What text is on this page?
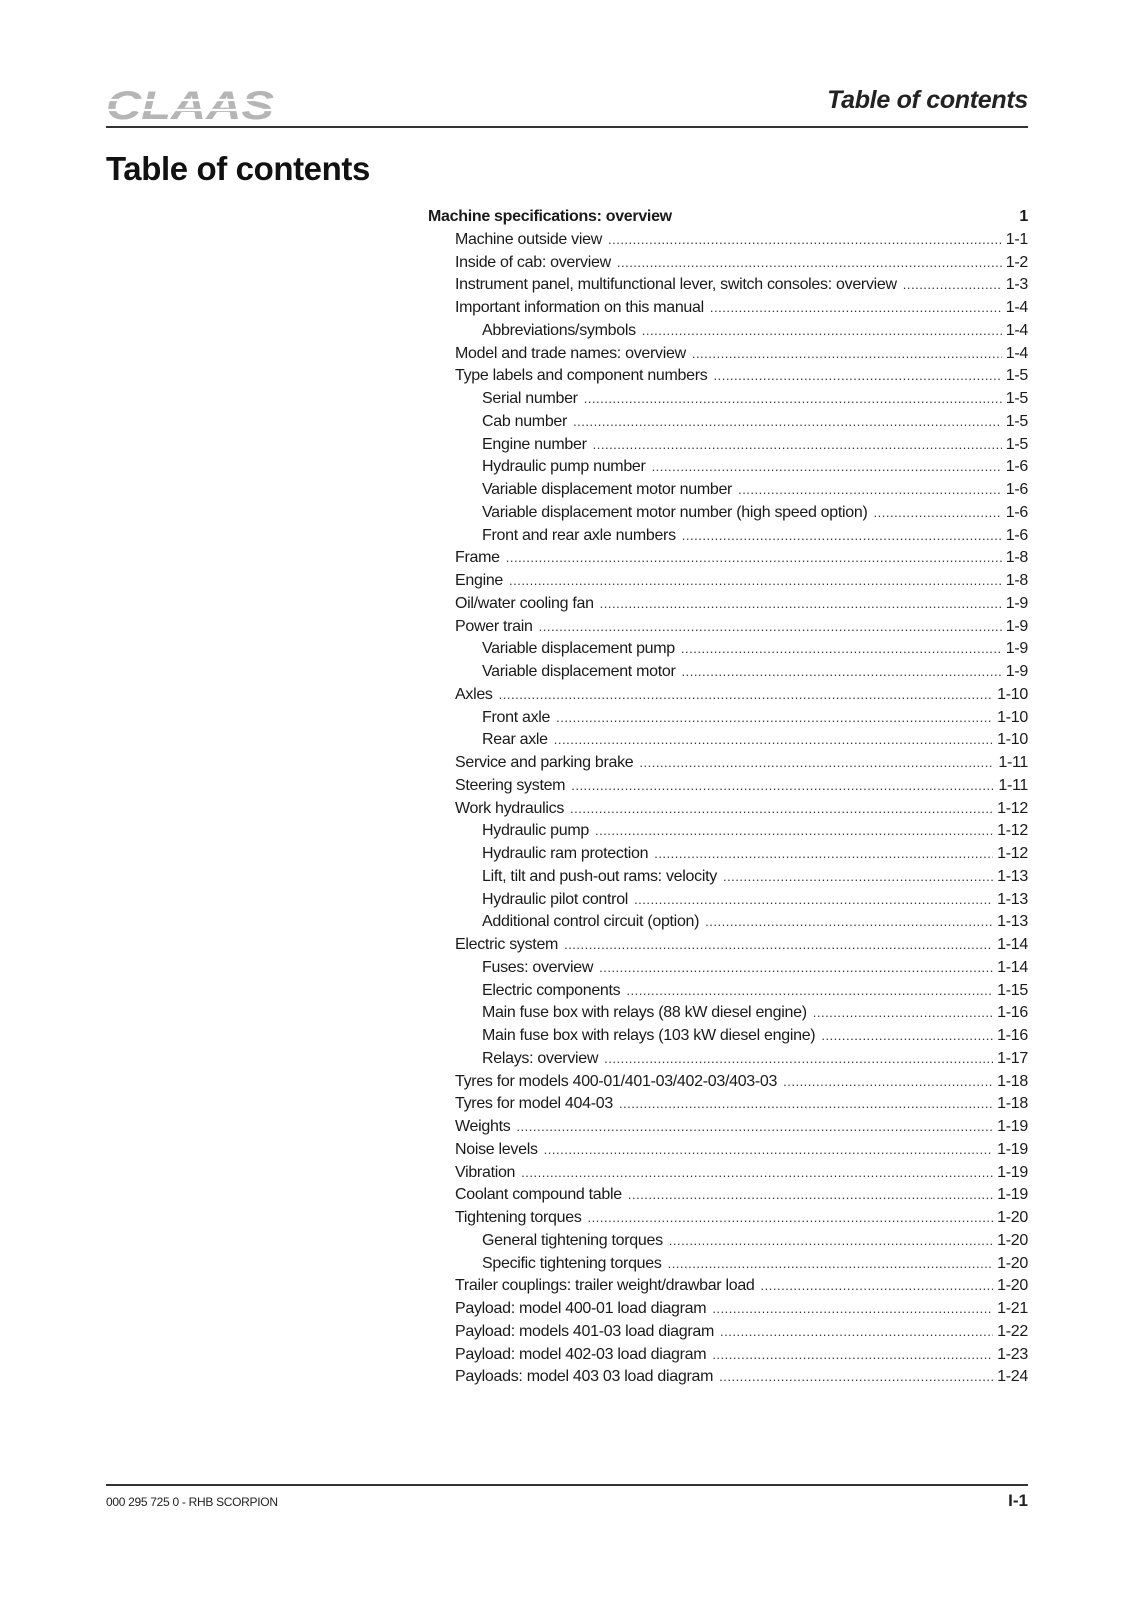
CLAAS	Table of contents
Table of contents
Machine specifications: overview	1
Machine outside view .....	1-1
Inside of cab: overview .....	1-2
Instrument panel, multifunctional lever, switch consoles: overview .....	1-3
Important information on this manual .....	1-4
Abbreviations/symbols .....	1-4
Model and trade names: overview .....	1-4
Type labels and component numbers .....	1-5
Serial number .....	1-5
Cab number .....	1-5
Engine number .....	1-5
Hydraulic pump number .....	1-6
Variable displacement motor number .....	1-6
Variable displacement motor number (high speed option) .....	1-6
Front and rear axle numbers .....	1-6
Frame .....	1-8
Engine .....	1-8
Oil/water cooling fan .....	1-9
Power train .....	1-9
Variable displacement pump .....	1-9
Variable displacement motor .....	1-9
Axles .....	1-10
Front axle .....	1-10
Rear axle .....	1-10
Service and parking brake .....	1-11
Steering system .....	1-11
Work hydraulics .....	1-12
Hydraulic pump .....	1-12
Hydraulic ram protection .....	1-12
Lift, tilt and push-out rams: velocity .....	1-13
Hydraulic pilot control .....	1-13
Additional control circuit (option) .....	1-13
Electric system .....	1-14
Fuses: overview .....	1-14
Electric components .....	1-15
Main fuse box with relays (88 kW diesel engine) .....	1-16
Main fuse box with relays (103 kW diesel engine) .....	1-16
Relays: overview .....	1-17
Tyres for models 400-01/401-03/402-03/403-03 .....	1-18
Tyres for model 404-03 .....	1-18
Weights .....	1-19
Noise levels .....	1-19
Vibration .....	1-19
Coolant compound table .....	1-19
Tightening torques .....	1-20
General tightening torques .....	1-20
Specific tightening torques .....	1-20
Trailer couplings: trailer weight/drawbar load .....	1-20
Payload: model 400-01 load diagram .....	1-21
Payload: models 401-03 load diagram .....	1-22
Payload: model 402-03 load diagram .....	1-23
Payloads: model 403 03 load diagram .....	1-24
000 295 725 0 - RHB SCORPION	I-1
